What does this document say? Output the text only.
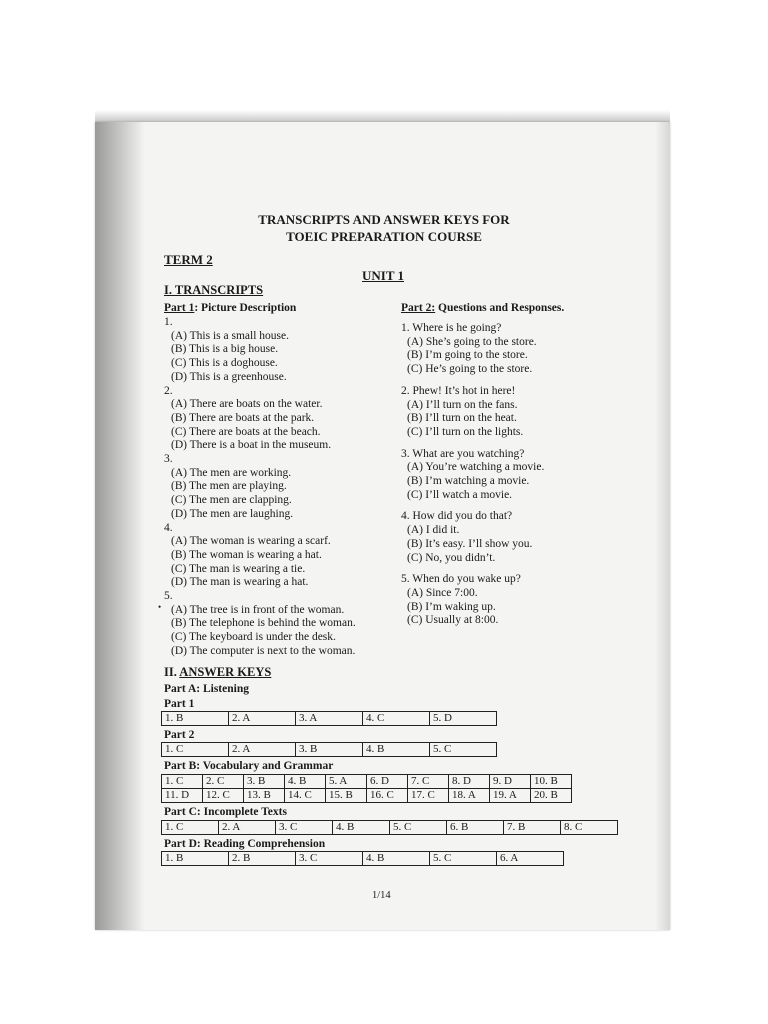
TRANSCRIPTS AND ANSWER KEYS FOR
TOEIC PREPARATION COURSE
TERM 2
UNIT 1
I. TRANSCRIPTS
Part 1: Picture Description
1.
(A) This is a small house.
(B) This is a big house.
(C) This is a doghouse.
(D) This is a greenhouse.
2.
(A) There are boats on the water.
(B) There are boats at the park.
(C) There are boats at the beach.
(D) There is a boat in the museum.
3.
(A) The men are working.
(B) The men are playing.
(C) The men are clapping.
(D) The men are laughing.
4.
(A) The woman is wearing a scarf.
(B) The woman is wearing a hat.
(C) The man is wearing a tie.
(D) The man is wearing a hat.
5.
(A) The tree is in front of the woman.
(B) The telephone is behind the woman.
(C) The keyboard is under the desk.
(D) The computer is next to the woman.
Part 2: Questions and Responses.
1. Where is he going?
(A) She’s going to the store.
(B) I’m going to the store.
(C) He’s going to the store.
2. Phew! It’s hot in here!
(A) I’ll turn on the fans.
(B) I’ll turn on the heat.
(C) I’ll turn on the lights.
3. What are you watching?
(A) You’re watching a movie.
(B) I’m watching a movie.
(C) I’ll watch a movie.
4. How did you do that?
(A) I did it.
(B) It’s easy. I’ll show you.
(C) No, you didn’t.
5. When do you wake up?
(A) Since 7:00.
(B) I’m waking up.
(C) Usually at 8:00.
•
II. ANSWER KEYS
Part A: Listening
Part 1
1. B	2. A	3. A	4. C	5. D
Part 2
1. C	2. A	3. B	4. B	5. C
Part B: Vocabulary and Grammar
1. C	2. C	3. B	4. B	5. A	6. D	7. C	8. D	9. D	10. B
11. D	12. C	13. B	14. C	15. B	16. C	17. C	18. A	19. A	20. B
Part C: Incomplete Texts
1. C	2. A	3. C	4. B	5. C	6. B	7. B	8. C
Part D: Reading Comprehension
1. B	2. B	3. C	4. B	5. C	6. A
1/14
